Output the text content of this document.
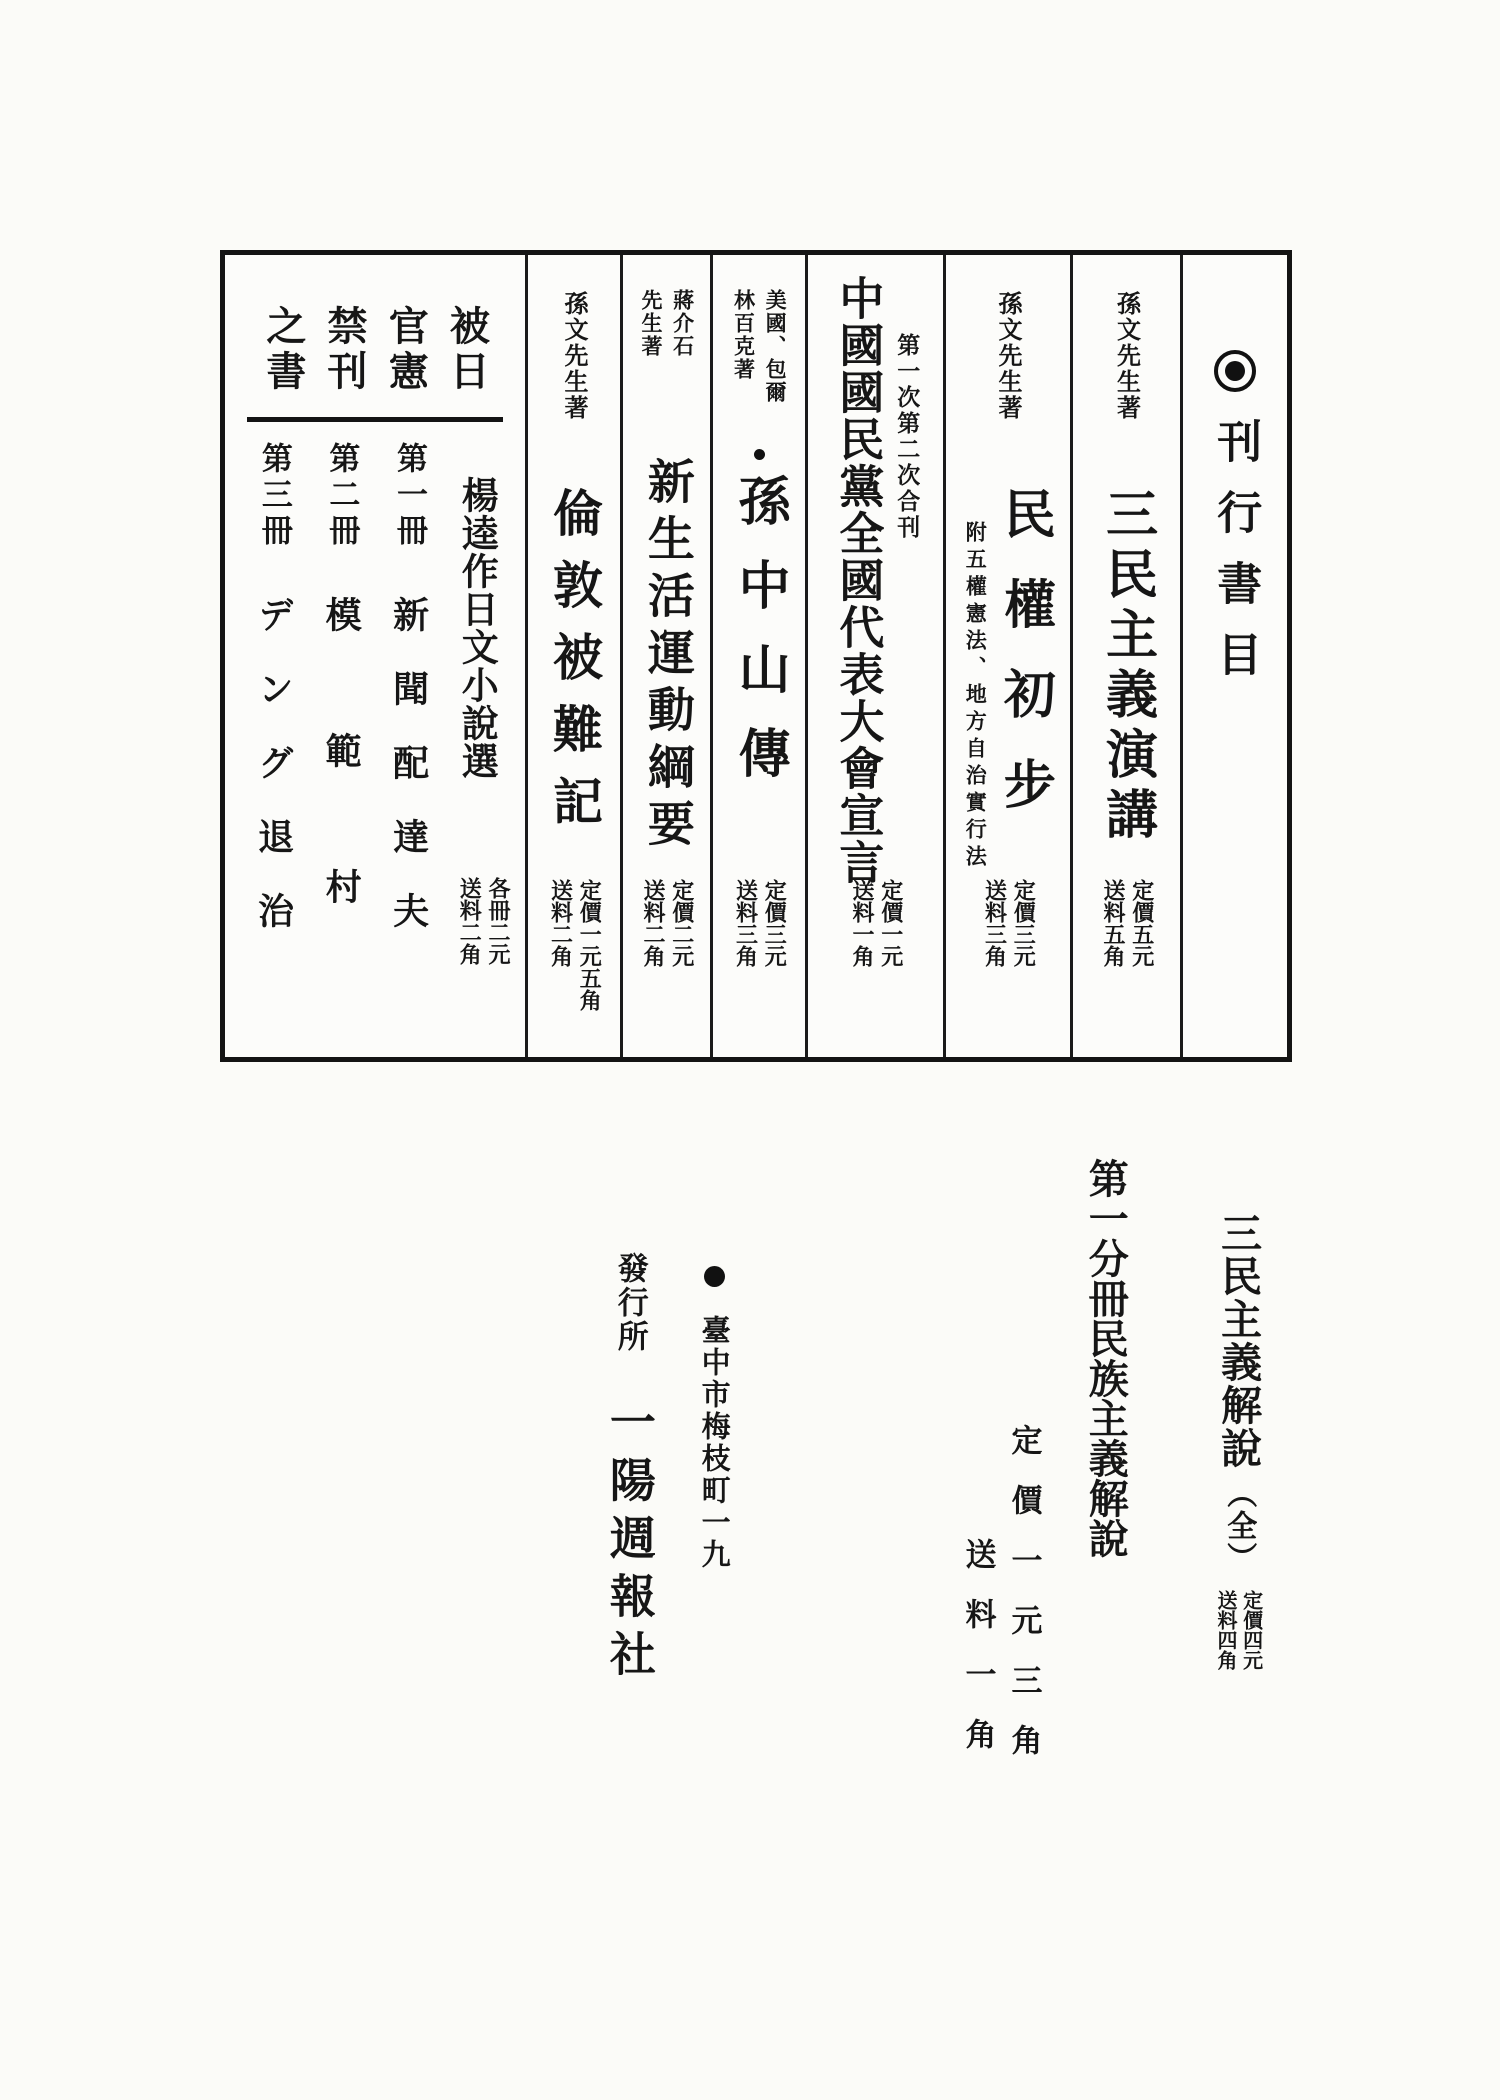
刊行書目
孫文先生著
三民主義演講
定價五元
送料五角
孫文先生著
民權初步
附五權憲法、地方自治實行法
定價三元
送料三角
第一次第二次合刊
中國國民黨全國代表大會宣言
定價一元
送料一角
美國、包爾
林百克著
孫中山傳
定價三元
送料三角
蔣介石
先生著
新生活運動綱要
定價二元
送料二角
孫文先生著
倫敦被難記
定價一元五角
送料二角
被日
官憲
禁刊
之書
楊逵作日文小說選
第一冊
新聞配達夫
第二冊
模範村
第三冊
デング退治	各冊二元
送料二角
三民主義解說
（全）
定價四元
送料四角
第一分冊民族主義解說
定價一元三角
送料一角
臺中市梅枝町一九
發行所
一陽週報社
